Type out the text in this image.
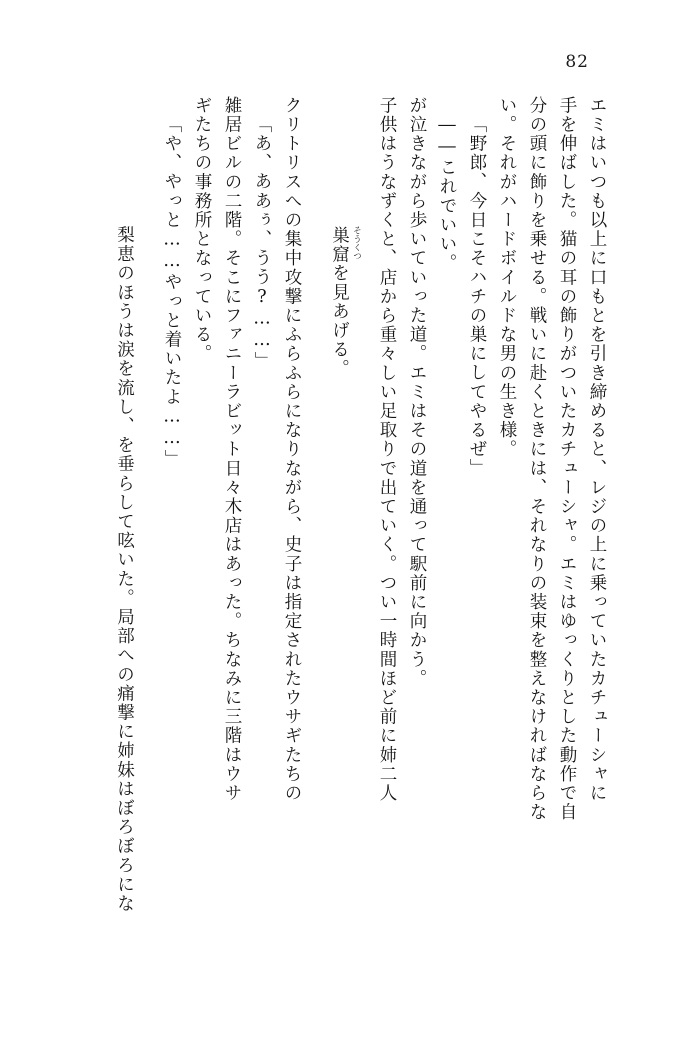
82
エミはいつも以上に口もとを引き締めると、レジの上に乗っていたカチューシャに
手を伸ばした。猫の耳の飾りがついたカチューシャ。エミはゆっくりとした動作で自
分の頭に飾りを乗せる。戦いに赴くときには、それなりの装束を整えなければならな
い。それがハードボイルドな男の生き様。
「野郎、今日こそハチの巣にしてやるぜ」
――これでいい。
が泣きながら歩いていった道。エミはその道を通って駅前に向かう。
子供はうなずくと、店から重々しい足取りで出ていく。つい一時間ほど前に姉二人

巣窟 そうくつ
を見あげる。

クリトリスへの集中攻撃にふらふらになりながら、史子は指定されたウサギたちの
「あ、ああぅ、うう?……」
雑居ビルの二階。そこにファニーラビット日々木店はあった。ちなみに三階はウサ
ギたちの事務所となっている。
「や、やっと……やっと着いたよ……」

梨恵のほうは涙を流し、
を垂らして呟いた。局部への痛撃に姉妹はぼろぼろにな
